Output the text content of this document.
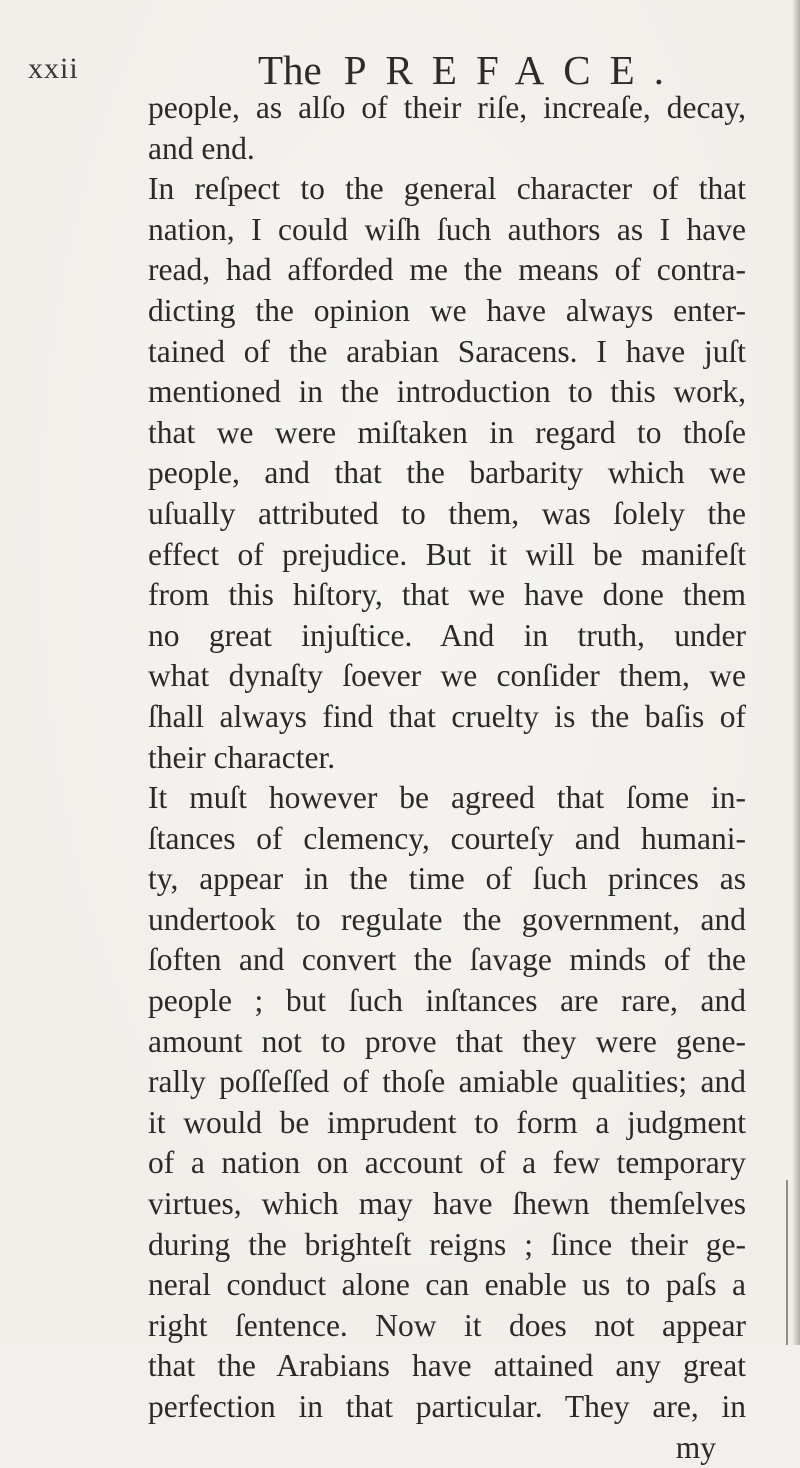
xxii	The PREFACE.
people, as alſo of their riſe, increaſe, decay,
and end.
In reſpect to the general character of that
nation, I could wiſh ſuch authors as I have
read, had afforded me the means of contra-
dicting the opinion we have always enter-
tained of the arabian Saracens. I have juſt
mentioned in the introduction to this work,
that we were miſtaken in regard to thoſe
people, and that the barbarity which we
uſually attributed to them, was ſolely the
effect of prejudice. But it will be manifeſt
from this hiſtory, that we have done them
no great injuſtice. And in truth, under
what dynaſty ſoever we conſider them, we
ſhall always find that cruelty is the baſis of
their character.
It muſt however be agreed that ſome in-
ſtances of clemency, courteſy and humani-
ty, appear in the time of ſuch princes as
undertook to regulate the government, and
ſoften and convert the ſavage minds of the
people ; but ſuch inſtances are rare, and
amount not to prove that they were gene-
rally poſſeſſed of thoſe amiable qualities; and
it would be imprudent to form a judgment
of a nation on account of a few temporary
virtues, which may have ſhewn themſelves
during the brighteſt reigns ; ſince their ge-
neral conduct alone can enable us to paſs a
right ſentence. Now it does not appear
that the Arabians have attained any great
perfection in that particular. They are, in
my
